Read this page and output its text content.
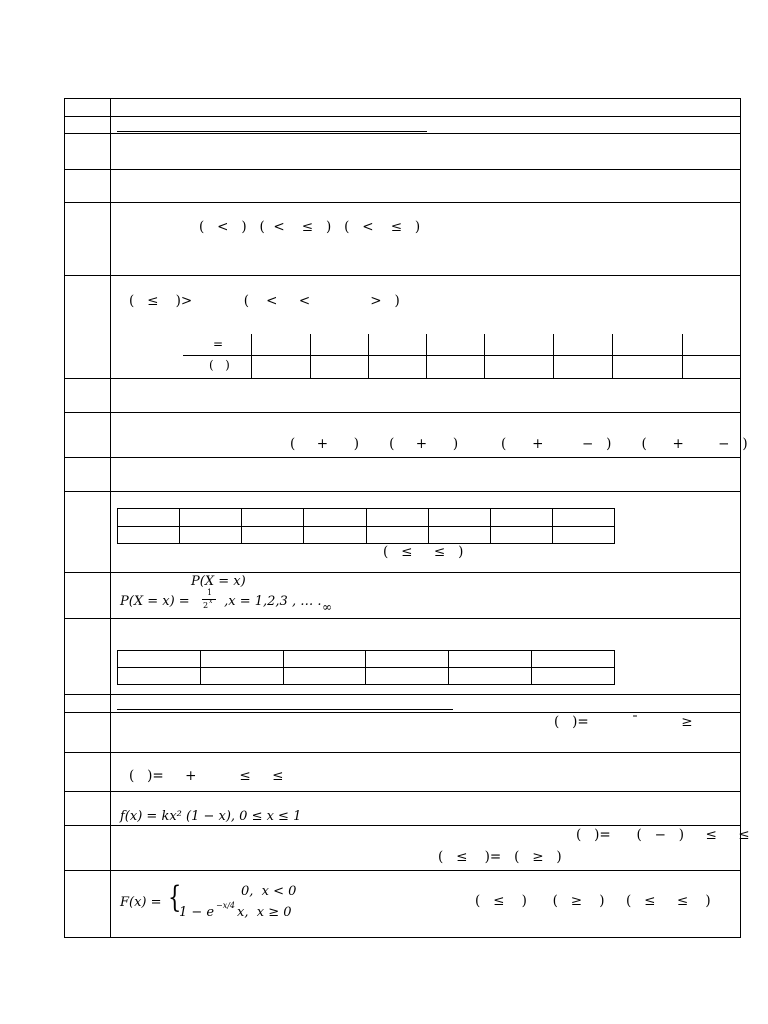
(   <   )   (  <    ≤   )   (   <    ≤   )
(   ≤    )>            (    <     <              >   )
=
(   )
(     +      )       (     +      )          (      +         −   )       (      +        −   )

(   ≤     ≤   )
P(X = x)
P(X = x) =
1
2 x ,x = 1,2,3 , … . ∞

(   )=          ˉ          ≥
(   )=     +          ≤     ≤
f(x) = kx² (1 − x), 0 ≤ x ≤ 1
(   )=      (   −   )     ≤     ≤
(   ≤    )=   (   ≥   )
F(x) = {	0,  x < 0
1 − e −x/4 x,  x ≥ 0
(   ≤    )      (   ≥    )     (   ≤     ≤    )
